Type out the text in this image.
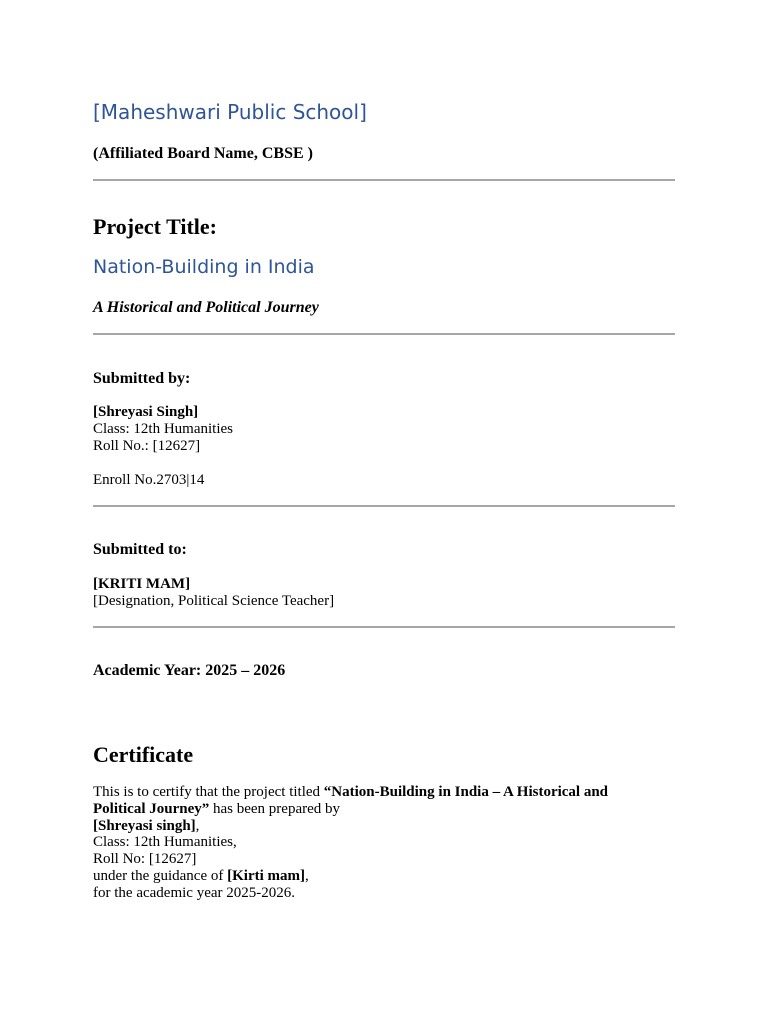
[Maheshwari Public School]
(Affiliated Board Name, CBSE )
Project Title:
Nation-Building in India
A Historical and Political Journey
Submitted by:
[Shreyasi Singh]
Class: 12th Humanities
Roll No.: [12627]
Enroll No.2703|14
Submitted to:
[KRITI MAM]
[Designation, Political Science Teacher]
Academic Year: 2025 – 2026
Certificate
This is to certify that the project titled “Nation-Building in India – A Historical and Political Journey” has been prepared by
[Shreyasi singh],
Class: 12th Humanities,
Roll No: [12627]
under the guidance of [Kirti mam],
for the academic year 2025-2026.
